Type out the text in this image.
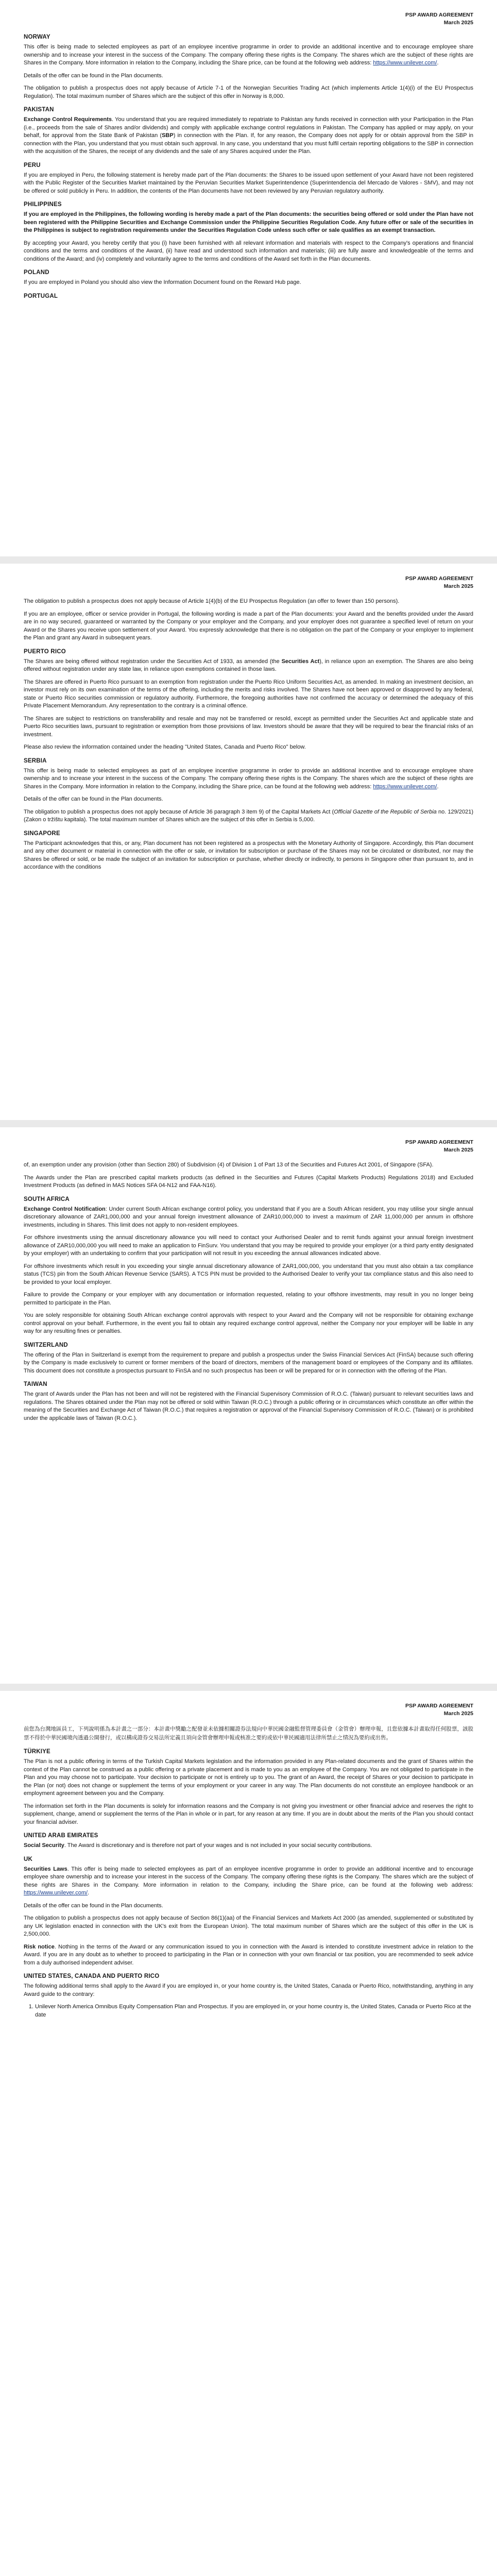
PSP AWARD AGREEMENT
March 2025
NORWAY

This offer is being made to selected employees as part of an employee incentive programme in order to provide an additional incentive and to encourage employee share ownership and to increase your interest in the success of the Company. The company offering these rights is the Company. The shares which are the subject of these rights are Shares in the Company. More information in relation to the Company, including the Share price, can be found at the following web address: https://www.unilever.com/.

Details of the offer can be found in the Plan documents.

The obligation to publish a prospectus does not apply because of Article 7-1 of the Norwegian Securities Trading Act (which implements Article 1(4)(i) of the EU Prospectus Regulation). The total maximum number of Shares which are the subject of this offer in Norway is 8,000.

PAKISTAN

Exchange Control Requirements. You understand that you are required immediately to repatriate to Pakistan any funds received in connection with your Participation in the Plan (i.e., proceeds from the sale of Shares and/or dividends) and comply with applicable exchange control regulations in Pakistan. The Company has applied or may apply, on your behalf, for approval from the State Bank of Pakistan (SBP) in connection with the Plan. If, for any reason, the Company does not apply for or obtain approval from the SBP in connection with the Plan, you understand that you must obtain such approval. In any case, you understand that you must fulfil certain reporting obligations to the SBP in connection with the acquisition of the Shares, the receipt of any dividends and the sale of any Shares acquired under the Plan.

PERU

If you are employed in Peru, the following statement is hereby made part of the Plan documents: the Shares to be issued upon settlement of your Award have not been registered with the Public Register of the Securities Market maintained by the Peruvian Securities Market Superintendence (Superintendencia del Mercado de Valores - SMV), and may not be offered or sold publicly in Peru. In addition, the contents of the Plan documents have not been reviewed by any Peruvian regulatory authority.

PHILIPPINES

If you are employed in the Philippines, the following wording is hereby made a part of the Plan documents: the securities being offered or sold under the Plan have not been registered with the Philippine Securities and Exchange Commission under the Philippine Securities Regulation Code. Any future offer or sale of the securities in the Philippines is subject to registration requirements under the Securities Regulation Code unless such offer or sale qualifies as an exempt transaction.

By accepting your Award, you hereby certify that you (i) have been furnished with all relevant information and materials with respect to the Company's operations and financial conditions and the terms and conditions of the Award, (ii) have read and understood such information and materials; (iii) are fully aware and knowledgeable of the terms and conditions of the Award; and (iv) completely and voluntarily agree to the terms and conditions of the Award set forth in the Plan documents.

POLAND

If you are employed in Poland you should also view the Information Document found on the Reward Hub page.

PORTUGAL
PSP AWARD AGREEMENT
March 2025

The obligation to publish a prospectus does not apply because of Article 1(4)(b) of the EU Prospectus Regulation (an offer to fewer than 150 persons).

If you are an employee, officer or service provider in Portugal, the following wording is made a part of the Plan documents: your Award and the benefits provided under the Award are in no way secured, guaranteed or warranted by the Company or your employer and the Company, and your employer does not guarantee a specified level of return on your Award or the Shares you receive upon settlement of your Award. You expressly acknowledge that there is no obligation on the part of the Company or your employer to implement the Plan and grant any Award in subsequent years.

PUERTO RICO

The Shares are being offered without registration under the Securities Act of 1933, as amended (the Securities Act), in reliance upon an exemption. The Shares are also being offered without registration under any state law, in reliance upon exemptions contained in those laws.

The Shares are offered in Puerto Rico pursuant to an exemption from registration under the Puerto Rico Uniform Securities Act, as amended. In making an investment decision, an investor must rely on its own examination of the terms of the offering, including the merits and risks involved. The Shares have not been approved or disapproved by any federal, state or Puerto Rico securities commission or regulatory authority. Furthermore, the foregoing authorities have not confirmed the accuracy or determined the adequacy of this Private Placement Memorandum. Any representation to the contrary is a criminal offence.

The Shares are subject to restrictions on transferability and resale and may not be transferred or resold, except as permitted under the Securities Act and applicable state and Puerto Rico securities laws, pursuant to registration or exemption from those provisions of law. Investors should be aware that they will be required to bear the financial risks of an investment.

Please also review the information contained under the heading "United States, Canada and Puerto Rico" below.

SERBIA

This offer is being made to selected employees as part of an employee incentive programme in order to provide an additional incentive and to encourage employee share ownership and to increase your interest in the success of the Company. The company offering these rights is the Company. The shares which are the subject of these rights are Shares in the Company. More information in relation to the Company, including the Share price, can be found at the following web address: https://www.unilever.com/.

Details of the offer can be found in the Plan documents.

The obligation to publish a prospectus does not apply because of Article 36 paragraph 3 item 9) of the Capital Markets Act (Official Gazette of the Republic of Serbia no. 129/2021) (Zakon o tržištu kapitala). The total maximum number of Shares which are the subject of this offer in Serbia is 5,000.

SINGAPORE

The Participant acknowledges that this, or any, Plan document has not been registered as a prospectus with the Monetary Authority of Singapore. Accordingly, this Plan document and any other document or material in connection with the offer or sale, or invitation for subscription or purchase of the Shares may not be circulated or distributed, nor may the Shares be offered or sold, or be made the subject of an invitation for subscription or purchase, whether directly or indirectly, to persons in Singapore other than pursuant to, and in accordance with the conditions

PSP AWARD AGREEMENT
March 2025

of, an exemption under any provision (other than Section 280) of Subdivision (4) of Division 1 of Part 13 of the Securities and Futures Act 2001, of Singapore (SFA).

The Awards under the Plan are prescribed capital markets products (as defined in the Securities and Futures (Capital Markets Products) Regulations 2018) and Excluded Investment Products (as defined in MAS Notices SFA 04-N12 and FAA-N16).

SOUTH AFRICA

Exchange Control Notification: Under current South African exchange control policy, you understand that if you are a South African resident, you may utilise your single annual discretionary allowance of ZAR1,000,000 and your annual foreign investment allowance of ZAR10,000,000 to invest a maximum of ZAR 11,000,000 per annum in offshore investments, including in Shares. This limit does not apply to non-resident employees.

For offshore investments using the annual discretionary allowance you will need to contact your Authorised Dealer and to remit funds against your annual foreign investment allowance of ZAR10,000,000 you will need to make an application to FinSurv. You understand that you may be required to provide your employer (or a third party entity designated by your employer) with an undertaking to confirm that your participation will not result in you exceeding the annual allowances indicated above.

For offshore investments which result in you exceeding your single annual discretionary allowance of ZAR1,000,000, you understand that you must also obtain a tax compliance status (TCS) pin from the South African Revenue Service (SARS). A TCS PIN must be provided to the Authorised Dealer to verify your tax compliance status and this also need to be provided to your local employer.

Failure to provide the Company or your employer with any documentation or information requested, relating to your offshore investments, may result in you no longer being permitted to participate in the Plan.

You are solely responsible for obtaining South African exchange control approvals with respect to your Award and the Company will not be responsible for obtaining exchange control approval on your behalf. Furthermore, in the event you fail to obtain any required exchange control approval, neither the Company nor your employer will be liable in any way for any resulting fines or penalties.

SWITZERLAND

The offering of the Plan in Switzerland is exempt from the requirement to prepare and publish a prospectus under the Swiss Financial Services Act (FinSA) because such offering by the Company is made exclusively to current or former members of the board of directors, members of the management board or employees of the Company and its affiliates. This document does not constitute a prospectus pursuant to FinSA and no such prospectus has been or will be prepared for or in connection with the offering of the Plan.

TAIWAN

The grant of Awards under the Plan has not been and will not be registered with the Financial Supervisory Commission of R.O.C. (Taiwan) pursuant to relevant securities laws and regulations. The Shares obtained under the Plan may not be offered or sold within Taiwan (R.O.C.) through a public offering or in circumstances which constitute an offer within the meaning of the Securities and Exchange Act of Taiwan (R.O.C.) that requires a registration or approval of the Financial Supervisory Commission of R.O.C. (Taiwan) or is prohibited under the applicable laws of Taiwan (R.O.C.).

PSP AWARD AGREEMENT
March 2025

前您為台灣地區員工，下列說明係為本計畫之一部分：本計畫中獎勵之配發並未依據相關證券法規向中華民國金融監督管理委員會（金管會）辦理申報，且您依據本計畫取得任何股票，該股票不得於中華民國境內透過公開發行，或以構成證券交易法所定義且須向金管會辦理申報或核准之要約或依中華民國適用法律所禁止之情況為要約或出售。

TÜRKIYE

The Plan is not a public offering in terms of the Turkish Capital Markets legislation and the information provided in any Plan-related documents and the grant of Shares within the context of the Plan cannot be construed as a public offering or a private placement and is made to you as an employee of the Company. You are not obligated to participate in the Plan and you may choose not to participate. Your decision to participate or not is entirely up to you. The grant of an Award, the receipt of Shares or your decision to participate in the Plan (or not) does not change or supplement the terms of your employment or your career in any way. The Plan documents do not constitute an employee handbook or an employment agreement between you and the Company.

The information set forth in the Plan documents is solely for information reasons and the Company is not giving you investment or other financial advice and reserves the right to supplement, change, amend or supplement the terms of the Plan in whole or in part, for any reason at any time. If you are in doubt about the merits of the Plan you should contact your financial adviser.

UNITED ARAB EMIRATES

Social Security. The Award is discretionary and is therefore not part of your wages and is not included in your social security contributions.

UK

Securities Laws. This offer is being made to selected employees as part of an employee incentive programme in order to provide an additional incentive and to encourage employee share ownership and to increase your interest in the success of the Company. The company offering these rights is the Company. The shares which are the subject of these rights are Shares in the Company. More information in relation to the Company, including the Share price, can be found at the following web address: https://www.unilever.com/.

Details of the offer can be found in the Plan documents.

The obligation to publish a prospectus does not apply because of Section 86(1)(aa) of the Financial Services and Markets Act 2000 (as amended, supplemented or substituted by any UK legislation enacted in connection with the UK's exit from the European Union). The total maximum number of Shares which are the subject of this offer in the UK is 2,500,000.

Risk notice. Nothing in the terms of the Award or any communication issued to you in connection with the Award is intended to constitute investment advice in relation to the Award. If you are in any doubt as to whether to proceed to participating in the Plan or in connection with your own financial or tax position, you are recommended to seek advice from a duly authorised independent adviser.

UNITED STATES, CANADA AND PUERTO RICO

The following additional terms shall apply to the Award if you are employed in, or your home country is, the United States, Canada or Puerto Rico, notwithstanding, anything in any Award guide to the contrary:

1. Unilever North America Omnibus Equity Compensation Plan and Prospectus. If you are employed in, or your home country is, the United States, Canada or Puerto Rico at the date
